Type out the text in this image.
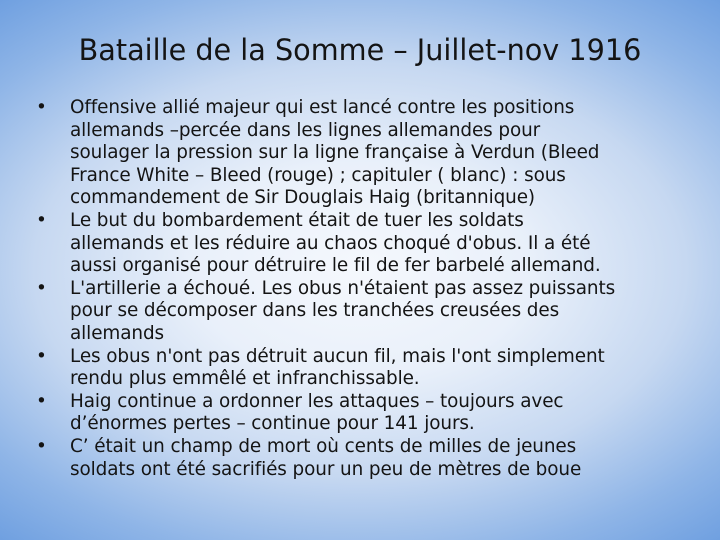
Bataille de la Somme – Juillet-nov 1916
•	Offensive allié majeur qui est lancé contre les positions
allemands –percée dans les lignes allemandes pour
soulager la pression sur la ligne française à Verdun (Bleed
France White – Bleed (rouge) ; capituler ( blanc) : sous
commandement de Sir Douglais Haig (britannique)
•	Le but du bombardement était de tuer les soldats
allemands et les réduire au chaos choqué d'obus. Il a été
aussi organisé pour détruire le fil de fer barbelé allemand.
•	L'artillerie a échoué. Les obus n'étaient pas assez puissants
pour se décomposer dans les tranchées creusées des
allemands
•	Les obus n'ont pas détruit aucun fil, mais l'ont simplement
rendu plus emmêlé et infranchissable.
•	Haig continue a ordonner les attaques – toujours avec
d’énormes pertes – continue pour 141 jours.
•	C’ était un champ de mort où cents de milles de jeunes
soldats ont été sacrifiés pour un peu de mètres de boue
